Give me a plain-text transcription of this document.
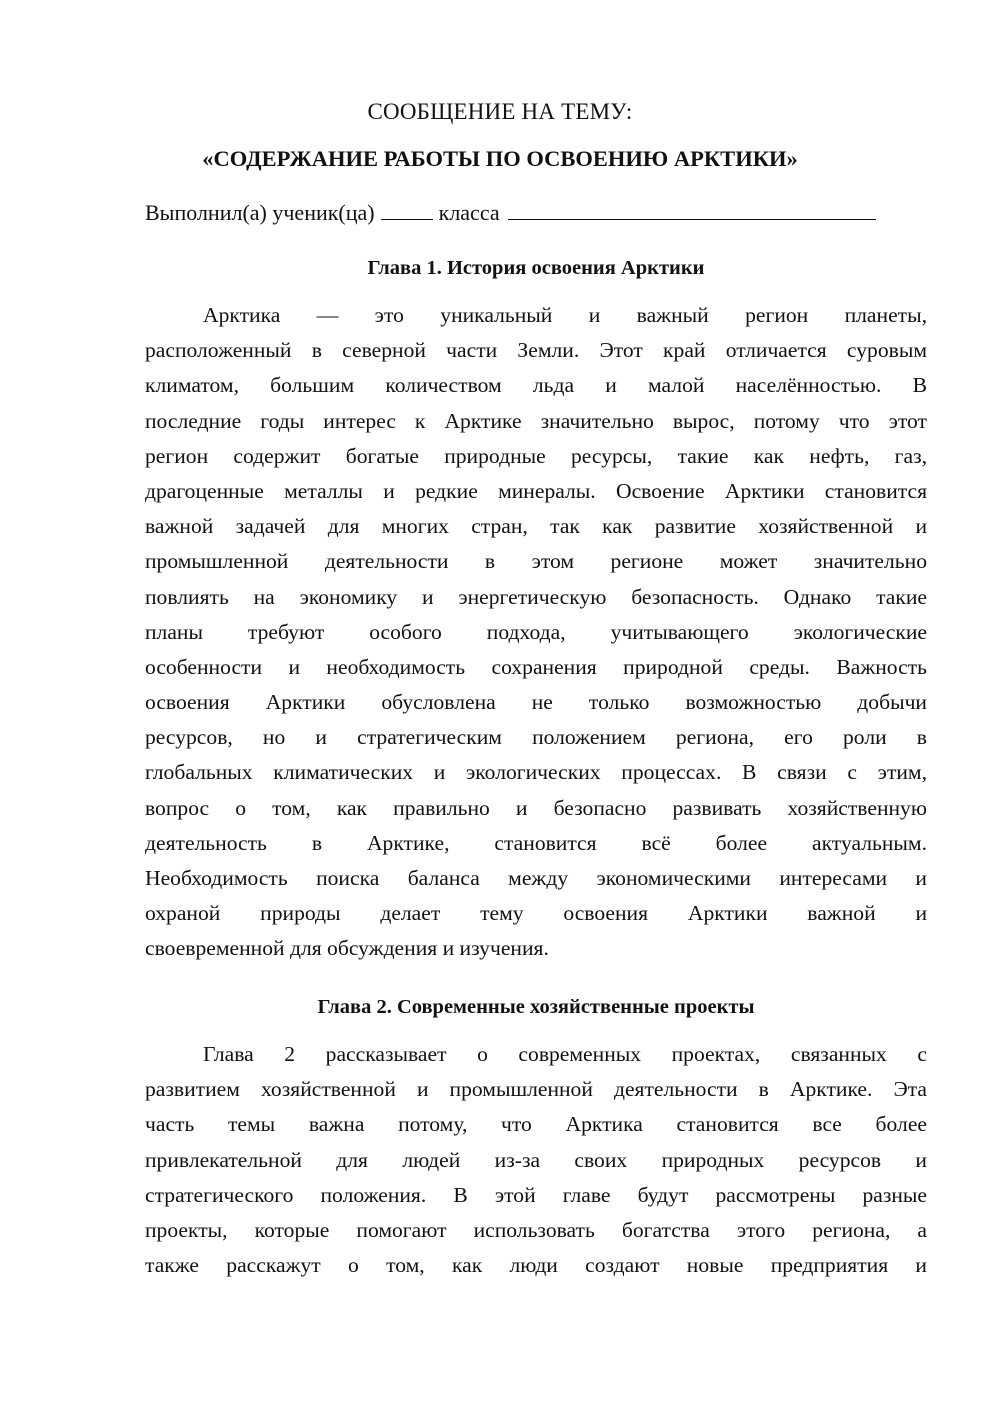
СООБЩЕНИЕ НА ТЕМУ:

«СОДЕРЖАНИЕ РАБОТЫ ПО ОСВОЕНИЮ АРКТИКИ»

Выполнил(а) ученик(ца)	класса
Глава 1. История освоения Арктики
Арктика — это уникальный и важный регион планеты,
расположенный в северной части Земли. Этот край отличается суровым
климатом, большим количеством льда и малой населённостью. В
последние годы интерес к Арктике значительно вырос, потому что этот
регион содержит богатые природные ресурсы, такие как нефть, газ,
драгоценные металлы и редкие минералы. Освоение Арктики становится
важной задачей для многих стран, так как развитие хозяйственной и
промышленной деятельности в этом регионе может значительно
повлиять на экономику и энергетическую безопасность. Однако такие
планы требуют особого подхода, учитывающего экологические
особенности и необходимость сохранения природной среды. Важность
освоения Арктики обусловлена не только возможностью добычи
ресурсов, но и стратегическим положением региона, его роли в
глобальных климатических и экологических процессах. В связи с этим,
вопрос о том, как правильно и безопасно развивать хозяйственную
деятельность в Арктике, становится всё более актуальным.
Необходимость поиска баланса между экономическими интересами и
охраной природы делает тему освоения Арктики важной и
своевременной для обсуждения и изучения.
Глава 2. Современные хозяйственные проекты
Глава 2 рассказывает о современных проектах, связанных с
развитием хозяйственной и промышленной деятельности в Арктике. Эта
часть темы важна потому, что Арктика становится все более
привлекательной для людей из-за своих природных ресурсов и
стратегического положения. В этой главе будут рассмотрены разные
проекты, которые помогают использовать богатства этого региона, а
также расскажут о том, как люди создают новые предприятия и
